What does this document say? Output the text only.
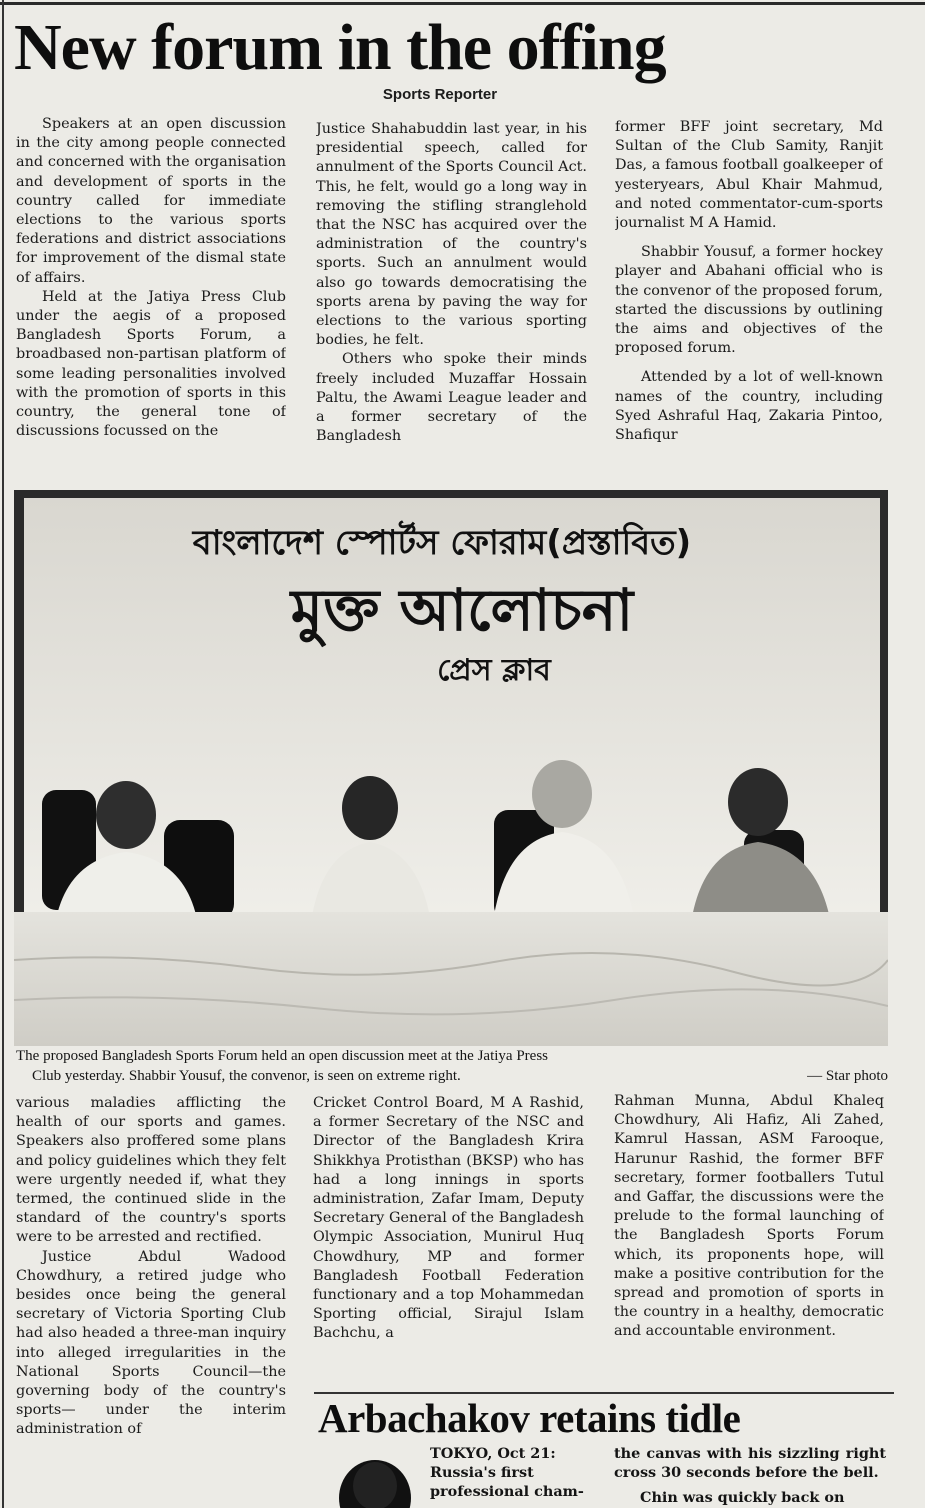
New forum in the offing
Sports Reporter

Speakers at an open discussion in the city among people connected and concerned with the organisation and development of sports in the country called for immediate elections to the various sports federations and district associations for improvement of the dismal state of affairs.

Held at the Jatiya Press Club under the aegis of a proposed Bangladesh Sports Forum, a broadbased non-partisan platform of some leading personalities involved with the promotion of sports in this country, the general tone of discussions focussed on the

Justice Shahabuddin last year, in his presidential speech, called for annulment of the Sports Council Act. This, he felt, would go a long way in removing the stifling stranglehold that the NSC has acquired over the administration of the country's sports. Such an annulment would also go towards democratising the sports arena by paving the way for elections to the various sporting bodies, he felt.

Others who spoke their minds freely included Muzaffar Hossain Paltu, the Awami League leader and a former secretary of the Bangladesh

former BFF joint secretary, Md Sultan of the Club Samity, Ranjit Das, a famous football goalkeeper of yesteryears, Abul Khair Mahmud, and noted commentator-cum-sports journalist M A Hamid.

Shabbir Yousuf, a former hockey player and Abahani official who is the convenor of the proposed forum, started the discussions by outlining the aims and objectives of the proposed forum.

Attended by a lot of well-known names of the country, including Syed Ashraful Haq, Zakaria Pintoo, Shafiqur

বাংলাদেশ স্পোর্টস ফোরাম(প্রস্তাবিত)
মুক্ত আলোচনা
প্রেস ক্লাব
The proposed Bangladesh Sports Forum held an open discussion meet at the Jatiya Press
Club yesterday. Shabbir Yousuf, the convenor, is seen on extreme right.	— Star photo

various maladies afflicting the health of our sports and games. Speakers also proffered some plans and policy guidelines which they felt were urgently needed if, what they termed, the continued slide in the standard of the country's sports were to be arrested and rectified.

Justice Abdul Wadood Chowdhury, a retired judge who besides once being the general secretary of Victoria Sporting Club had also headed a three-man inquiry into alleged irregularities in the National Sports Council—the governing body of the country's sports— under the interim administration of

Cricket Control Board, M A Rashid, a former Secretary of the NSC and Director of the Bangladesh Krira Shikkhya Protisthan (BKSP) who has had a long innings in sports administration, Zafar Imam, Deputy Secretary General of the Bangladesh Olympic Association, Munirul Huq Chowdhury, MP and former Bangladesh Football Federation functionary and a top Mohammedan Sporting official, Sirajul Islam Bachchu, a

Rahman Munna, Abdul Khaleq Chowdhury, Ali Hafiz, Ali Zahed, Kamrul Hassan, ASM Farooque, Harunur Rashid, the former BFF secretary, former footballers Tutul and Gaffar, the discussions were the prelude to the formal launching of the Bangladesh Sports Forum which, its proponents hope, will make a positive contribution for the spread and promotion of sports in the country in a healthy, democratic and accountable environment.

Arbachakov retains tidle

TOKYO, Oct 21: Russia's first professional cham-

the canvas with his sizzling right cross 30 seconds before the bell.

Chin was quickly back on
